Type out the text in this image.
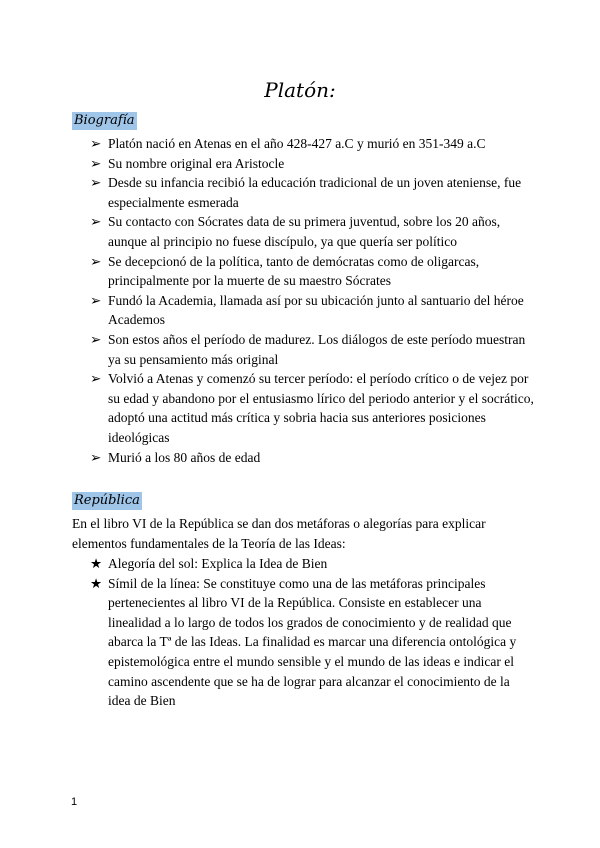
Platón:
Biografía
➢ Platón nació en Atenas en el año 428-427 a.C y murió en 351-349 a.C
➢ Su nombre original era Aristocle
➢ Desde su infancia recibió la educación tradicional de un joven ateniense, fue especialmente esmerada
➢ Su contacto con Sócrates data de su primera juventud, sobre los 20 años, aunque al principio no fuese discípulo, ya que quería ser político
➢ Se decepcionó de la política, tanto de demócratas como de oligarcas, principalmente por la muerte de su maestro Sócrates
➢ Fundó la Academia, llamada así por su ubicación junto al santuario del héroe Academos
➢ Son estos años el período de madurez. Los diálogos de este período muestran ya su pensamiento más original
➢ Volvió a Atenas y comenzó su tercer período: el período crítico o de vejez por su edad y abandono por el entusiasmo lírico del periodo anterior y el socrático, adoptó una actitud más crítica y sobria hacia sus anteriores posiciones ideológicas
➢ Murió a los 80 años de edad
República

En el libro VI de la República se dan dos metáforas o alegorías para explicar elementos fundamentales de la Teoría de las Ideas:

★ Alegoría del sol: Explica la Idea de Bien
★ Símil de la línea: Se constituye como una de las metáforas principales pertenecientes al libro VI de la República. Consiste en establecer una linealidad a lo largo de todos los grados de conocimiento y de realidad que abarca la Tª de las Ideas. La finalidad es marcar una diferencia ontológica y epistemológica entre el mundo sensible y el mundo de las ideas e indicar el camino ascendente que se ha de lograr para alcanzar el conocimiento de la idea de Bien
1
